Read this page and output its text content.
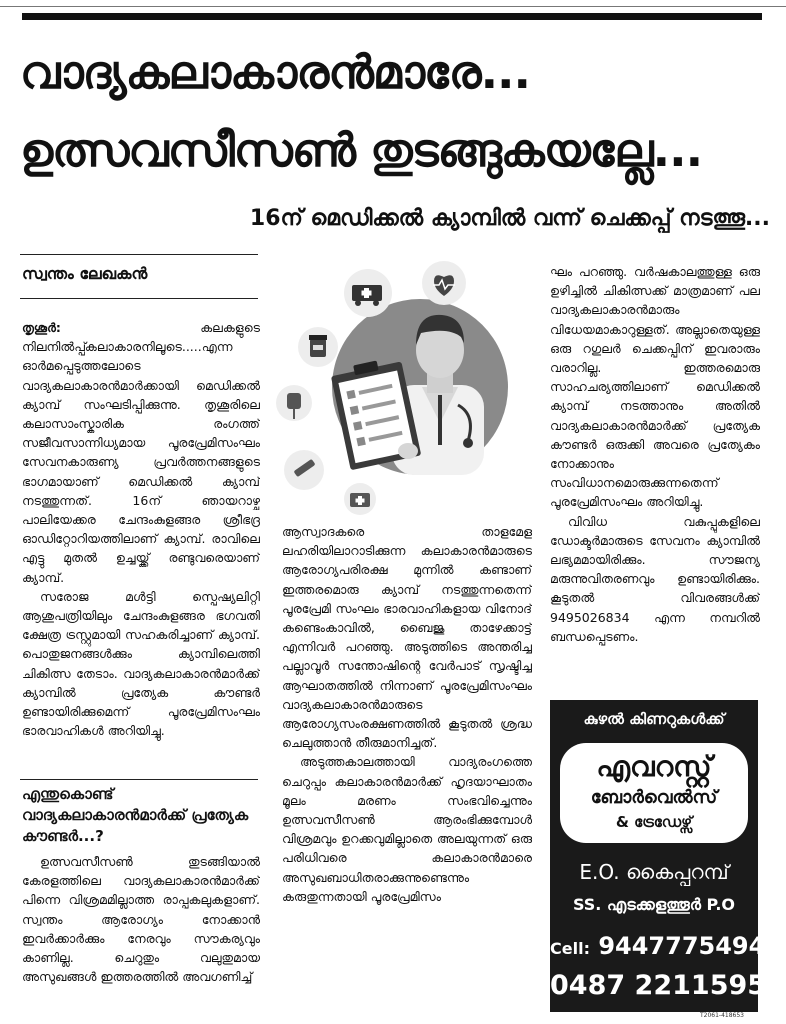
വാദ്യകലാകാരൻമാരേ...
ഉത്സവസീസൺ തുടങ്ങുകയല്ലേ...
16ന് മെഡിക്കൽ ക്യാമ്പിൽ വന്ന് ചെക്കപ്പ് നടത്തൂ...
സ്വന്തം ലേഖകൻ

തൃശൂർ: കലകളുടെ നിലനിൽപ്പ്കലാകാരനിലൂടെ.....എന്ന ഓർമപ്പെടുത്തലോടെ വാദ്യകലാകാരൻമാർക്കായി മെഡിക്കൽ ക്യാമ്പ് സംഘടിപ്പിക്കുന്നു. തൃശൂരിലെ കലാസാംസ്കാരിക രംഗത്ത് സജീവസാന്നിധ്യമായ പൂരപ്രേമിസംഘം സേവനകാരുണ്യ പ്രവർത്തനങ്ങളുടെ ഭാഗമായാണ് മെഡിക്കൽ ക്യാമ്പ് നടത്തുന്നത്. 16ന് ഞായറാഴ്ച പാലിയേക്കര ചേന്ദംകുളങ്ങര ശ്രീഭദ്ര ഓഡിറ്റോറിയത്തിലാണ് ക്യാമ്പ്. രാവിലെ എട്ടു മുതൽ ഉച്ചയ്ക്ക് രണ്ടുവരെയാണ് ക്യാമ്പ്.

സരോജ മൾട്ടി സ്പെഷ്യലിറ്റി ആശുപത്രിയിലും ചേന്ദംകുളങ്ങര ഭഗവതി ക്ഷേത്ര ട്രസ്റ്റുമായി സഹകരിച്ചാണ് ക്യാമ്പ്. പൊതുജനങ്ങൾക്കും ക്യാമ്പിലെത്തി ചികിത്സ തേടാം. വാദ്യകലാകാരൻമാർക്ക് ക്യാമ്പിൽ പ്രത്യേക കൗണ്ടർ ഉണ്ടായിരിക്കുമെന്ന് പൂരപ്രേമിസംഘം ഭാരവാഹികൾ അറിയിച്ചു.

എന്തുകൊണ്ട് വാദ്യകലാകാരൻമാർക്ക് പ്രത്യേക കൗണ്ടർ...?

ഉത്സവസീസൺ തുടങ്ങിയാൽ കേരളത്തിലെ വാദ്യകലാകാരൻമാർക്ക് പിന്നെ വിശ്രമമില്ലാത്ത രാപ്പകലുകളാണ്. സ്വന്തം ആരോഗ്യം നോക്കാൻ ഇവർക്കാർക്കും നേരവും സൗകര്യവും കാണില്ല. ചെറുതും വലുതുമായ അസുഖങ്ങൾ ഇത്തരത്തിൽ അവഗണിച്ച്

ആസ്വാദകരെ താളമേള ലഹരിയിലാറാടിക്കുന്ന കലാകാരൻമാരുടെ ആരോഗ്യപരിരക്ഷ മുന്നിൽ കണ്ടാണ് ഇത്തരമൊരു ക്യാമ്പ് നടത്തുന്നതെന്ന് പൂരപ്രേമി സംഘം ഭാരവാഹികളായ വിനോദ് കണ്ടെംകാവിൽ, ബൈജു താഴേക്കാട്ട് എന്നിവർ പറഞ്ഞു. അടുത്തിടെ അന്തരിച്ച പല്ലാവൂർ സന്തോഷിന്റെ വേർപാട് സൃഷ്ടിച്ച ആഘാതത്തിൽ നിന്നാണ് പൂരപ്രേമിസംഘം വാദ്യകലാകാരൻമാരുടെ ആരോഗ്യസംരക്ഷണത്തിൽ കൂടുതൽ ശ്രദ്ധ ചെലുത്താൻ തീരുമാനിച്ചത്.

അടുത്തകാലത്തായി വാദ്യരംഗത്തെ ചെറുപ്പം കലാകാരൻമാർക്ക് ഹൃദയാഘാതം മൂലം മരണം സംഭവിച്ചെന്നും ഉത്സവസീസൺ ആരംഭിക്കുമ്പോൾ വിശ്രമവും ഉറക്കവുമില്ലാതെ അലയുന്നത് ഒരു പരിധിവരെ കലാകാരൻമാരെ അസുഖബാധിതരാക്കുന്നുണ്ടെന്നും കരുതുന്നതായി പൂരപ്രേമിസം

ഘം പറഞ്ഞു. വർഷകാലത്തുള്ള ഒരു ഉഴിച്ചിൽ ചികിത്സക്ക് മാത്രമാണ് പല വാദ്യകലാകാരൻമാരും വിധേയമാകാറുള്ളത്. അല്ലാതെയുള്ള ഒരു റഗുലർ ചെക്കപ്പിന് ഇവരാരും വരാറില്ല. ഇത്തരമൊരു സാഹചര്യത്തിലാണ് മെഡിക്കൽ ക്യാമ്പ് നടത്താനും അതിൽ വാദ്യകലാകാരൻമാർക്ക് പ്രത്യേക കൗണ്ടർ ഒരുക്കി അവരെ പ്രത്യേകം നോക്കാനും സംവിധാനമൊരുക്കുന്നതെന്ന് പൂരപ്രേമിസംഘം അറിയിച്ചു.

വിവിധ വകുപ്പുകളിലെ ഡോക്ടർമാരുടെ സേവനം ക്യാമ്പിൽ ലഭ്യമമായിരിക്കും. സൗജന്യ മരുന്നുവിതരണവും ഉണ്ടായിരിക്കും. കൂടുതൽ വിവരങ്ങൾക്ക് 9495026834 എന്ന നമ്പറിൽ ബന്ധപ്പെടണം.

കുഴൽ കിണറുകൾക്ക്
എവറസ്റ്റ്
ബോർവെൽസ്
& ട്രേഡേഴ്സ്
E.O. കൈപ്പറമ്പ്
SS. എടക്കളത്തൂർ P.O
Cell: 9447775494
0487 2211595
T2061-418653
